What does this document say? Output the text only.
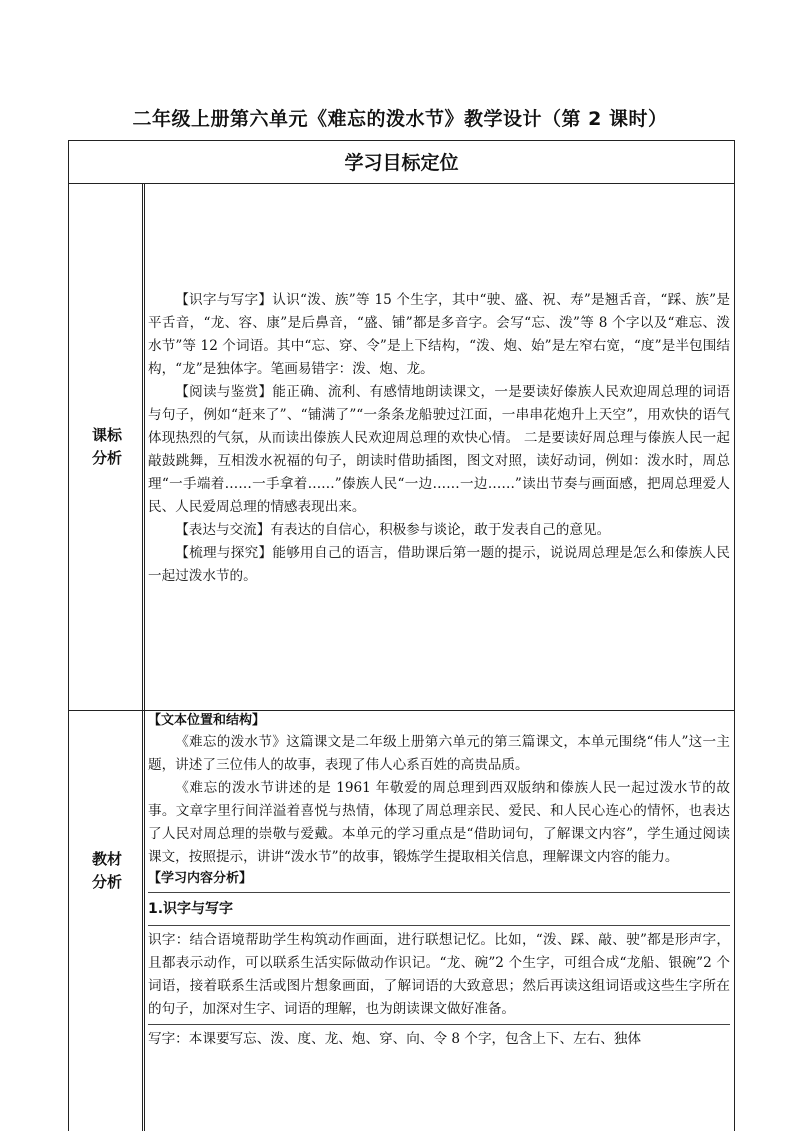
二年级上册第六单元《难忘的泼水节》教学设计（第 2 课时）
学习目标定位
课标
分析

【识字与写字】认识“泼、族”等 15 个生字，其中“驶、盛、祝、寿”是翘舌音，“踩、族”是平舌音，“龙、容、康”是后鼻音，“盛、铺”都是多音字。会写“忘、泼”等 8 个字以及“难忘、泼水节”等 12 个词语。其中“忘、穿、令”是上下结构，“泼、炮、始”是左窄右宽，“度”是半包围结构，“龙”是独体字。笔画易错字：泼、炮、龙。

【阅读与鉴赏】能正确、流利、有感情地朗读课文，一是要读好傣族人民欢迎周总理的词语与句子，例如“赶来了”、“铺满了”“一条条龙船驶过江面，一串串花炮升上天空”，用欢快的语气体现热烈的气氛，从而读出傣族人民欢迎周总理的欢快心情。 二是要读好周总理与傣族人民一起敲鼓跳舞，互相泼水祝福的句子，朗读时借助插图，图文对照，读好动词，例如：泼水时，周总理“一手端着……一手拿着……”傣族人民“一边……一边……”读出节奏与画面感，把周总理爱人民、人民爱周总理的情感表现出来。

【表达与交流】有表达的自信心，积极参与谈论，敢于发表自己的意见。

【梳理与探究】能够用自己的语言，借助课后第一题的提示，说说周总理是怎么和傣族人民一起过泼水节的。

教材
分析
【文本位置和结构】

《难忘的泼水节》这篇课文是二年级上册第六单元的第三篇课文，本单元围绕“伟人”这一主题，讲述了三位伟人的故事，表现了伟人心系百姓的高贵品质。

《难忘的泼水节讲述的是 1961 年敬爱的周总理到西双版纳和傣族人民一起过泼水节的故事。文章字里行间洋溢着喜悦与热情，体现了周总理亲民、爱民、和人民心连心的情怀，也表达了人民对周总理的崇敬与爱戴。本单元的学习重点是“借助词句，了解课文内容”，学生通过阅读课文，按照提示，讲讲“泼水节”的故事，锻炼学生提取相关信息，理解课文内容的能力。

【学习内容分析】
1.识字与写字

识字：结合语境帮助学生构筑动作画面，进行联想记忆。比如，“泼、踩、敲、驶”都是形声字，且都表示动作，可以联系生活实际做动作识记。“龙、碗”2 个生字，可组合成“龙船、银碗”2 个词语，接着联系生活或图片想象画面，了解词语的大致意思；然后再读这组词语或这些生字所在的句子，加深对生字、词语的理解，也为朗读课文做好准备。

写字：本课要写忘、泼、度、龙、炮、穿、向、令 8 个字，包含上下、左右、独体
